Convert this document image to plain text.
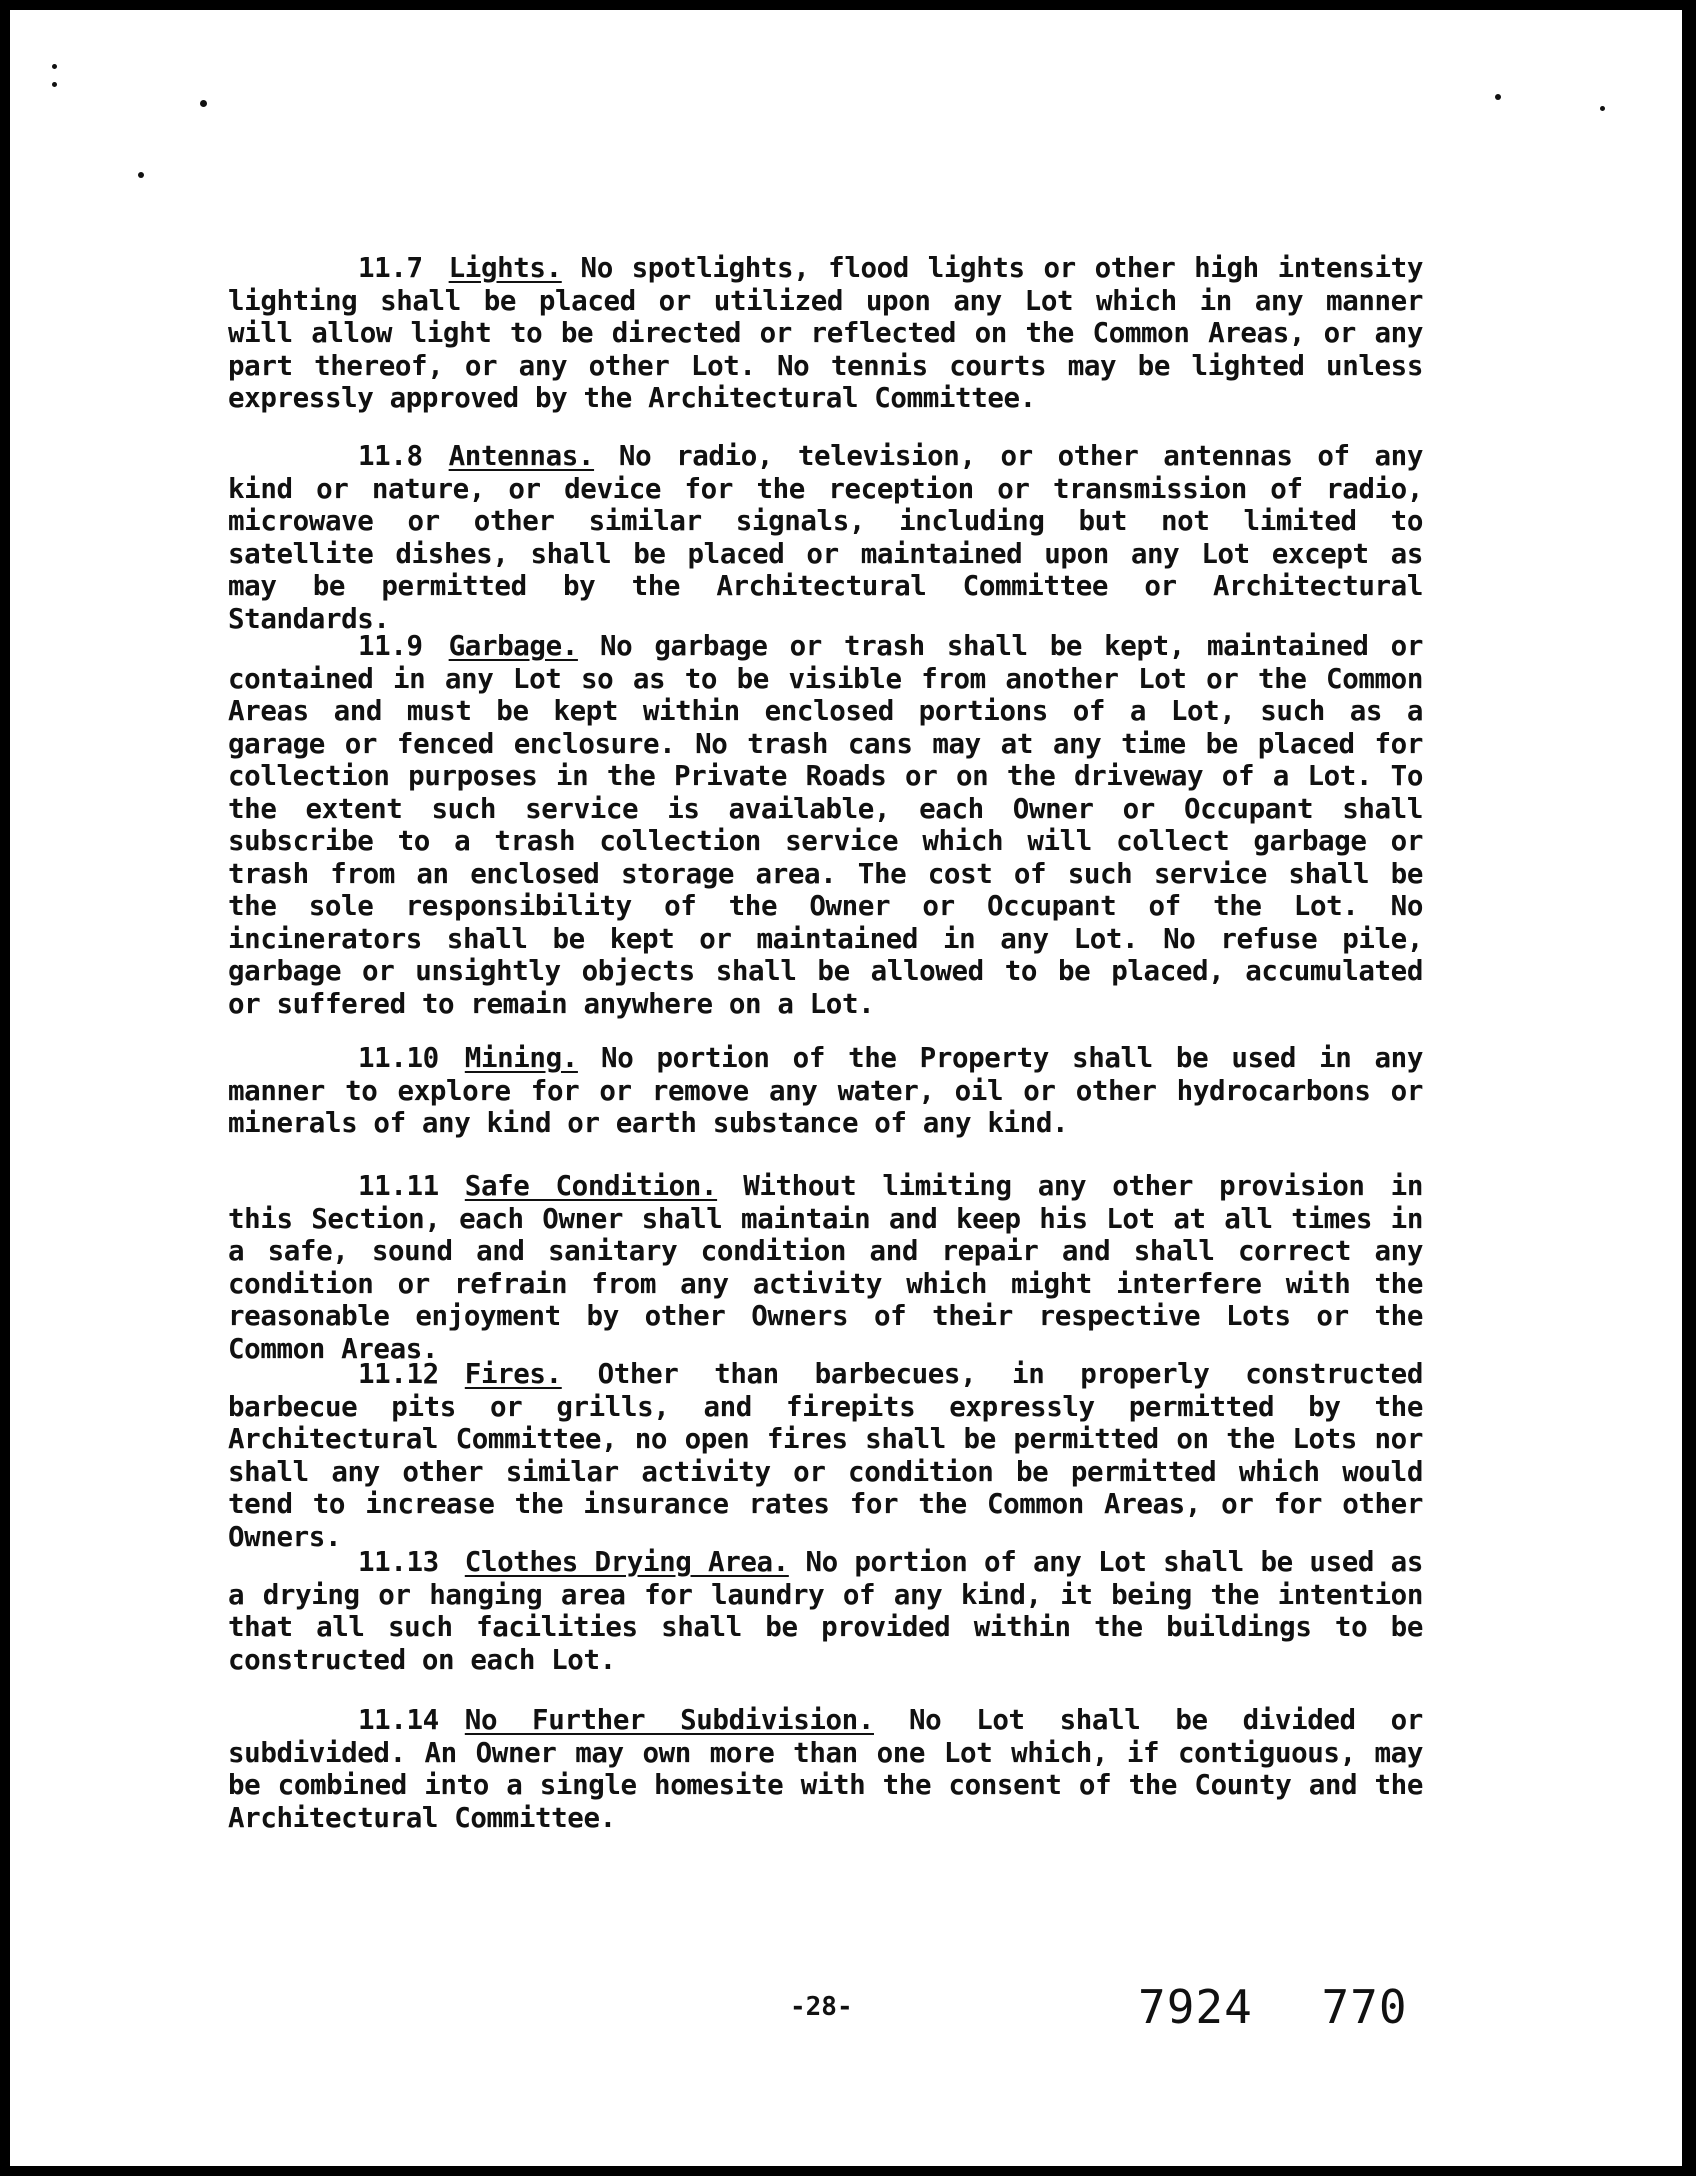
11.7 Lights. No spotlights, flood lights or other high intensity lighting shall be placed or utilized upon any Lot which in any manner will allow light to be directed or reflected on the Common Areas, or any part thereof, or any other Lot. No tennis courts may be lighted unless expressly approved by the Architectural Committee.

11.8 Antennas. No radio, television, or other antennas of any kind or nature, or device for the reception or transmission of radio, microwave or other similar signals, including but not limited to satellite dishes, shall be placed or maintained upon any Lot except as may be permitted by the Architectural Committee or Architectural Standards.

11.9 Garbage. No garbage or trash shall be kept, maintained or contained in any Lot so as to be visible from another Lot or the Common Areas and must be kept within enclosed portions of a Lot, such as a garage or fenced enclosure. No trash cans may at any time be placed for collection purposes in the Private Roads or on the driveway of a Lot. To the extent such service is available, each Owner or Occupant shall subscribe to a trash collection service which will collect garbage or trash from an enclosed storage area. The cost of such service shall be the sole responsibility of the Owner or Occupant of the Lot. No incinerators shall be kept or maintained in any Lot. No refuse pile, garbage or unsightly objects shall be allowed to be placed, accumulated or suffered to remain anywhere on a Lot.

11.10 Mining. No portion of the Property shall be used in any manner to explore for or remove any water, oil or other hydrocarbons or minerals of any kind or earth substance of any kind.

11.11 Safe Condition. Without limiting any other provision in this Section, each Owner shall maintain and keep his Lot at all times in a safe, sound and sanitary condition and repair and shall correct any condition or refrain from any activity which might interfere with the reasonable enjoyment by other Owners of their respective Lots or the Common Areas.

11.12 Fires. Other than barbecues, in properly constructed barbecue pits or grills, and firepits expressly permitted by the Architectural Committee, no open fires shall be permitted on the Lots nor shall any other similar activity or condition be permitted which would tend to increase the insurance rates for the Common Areas, or for other Owners.

11.13 Clothes Drying Area. No portion of any Lot shall be used as a drying or hanging area for laundry of any kind, it being the intention that all such facilities shall be provided within the buildings to be constructed on each Lot.

11.14 No Further Subdivision. No Lot shall be divided or subdivided. An Owner may own more than one Lot which, if contiguous, may be combined into a single homesite with the consent of the County and the Architectural Committee.

-28-	7924 770
